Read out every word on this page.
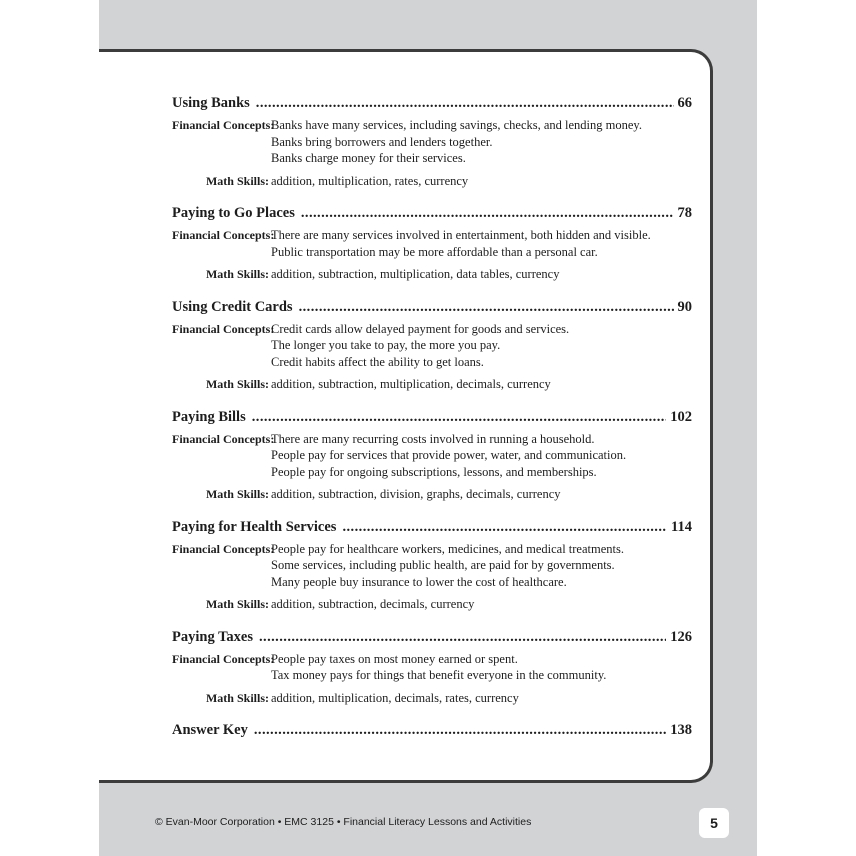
Using Banks . . .	66
Financial Concepts:
Banks have many services, including savings, checks, and lending money.
Banks bring borrowers and lenders together.
Banks charge money for their services.
Math Skills: addition, multiplication, rates, currency
Paying to Go Places . . .	78
Financial Concepts:
There are many services involved in entertainment, both hidden and visible.
Public transportation may be more affordable than a personal car.
Math Skills: addition, subtraction, multiplication, data tables, currency
Using Credit Cards . . .	90
Financial Concepts:
Credit cards allow delayed payment for goods and services.
The longer you take to pay, the more you pay.
Credit habits affect the ability to get loans.
Math Skills: addition, subtraction, multiplication, decimals, currency
Paying Bills . . .	102
Financial Concepts:
There are many recurring costs involved in running a household.
People pay for services that provide power, water, and communication.
People pay for ongoing subscriptions, lessons, and memberships.
Math Skills: addition, subtraction, division, graphs, decimals, currency
Paying for Health Services . . .	114
Financial Concepts:
People pay for healthcare workers, medicines, and medical treatments.
Some services, including public health, are paid for by governments.
Many people buy insurance to lower the cost of healthcare.
Math Skills: addition, subtraction, decimals, currency
Paying Taxes . . .	126
Financial Concepts:
People pay taxes on most money earned or spent.
Tax money pays for things that benefit everyone in the community.
Math Skills: addition, multiplication, decimals, rates, currency
Answer Key . . .	138
© Evan-Moor Corporation • EMC 3125 • Financial Literacy Lessons and Activities	5
